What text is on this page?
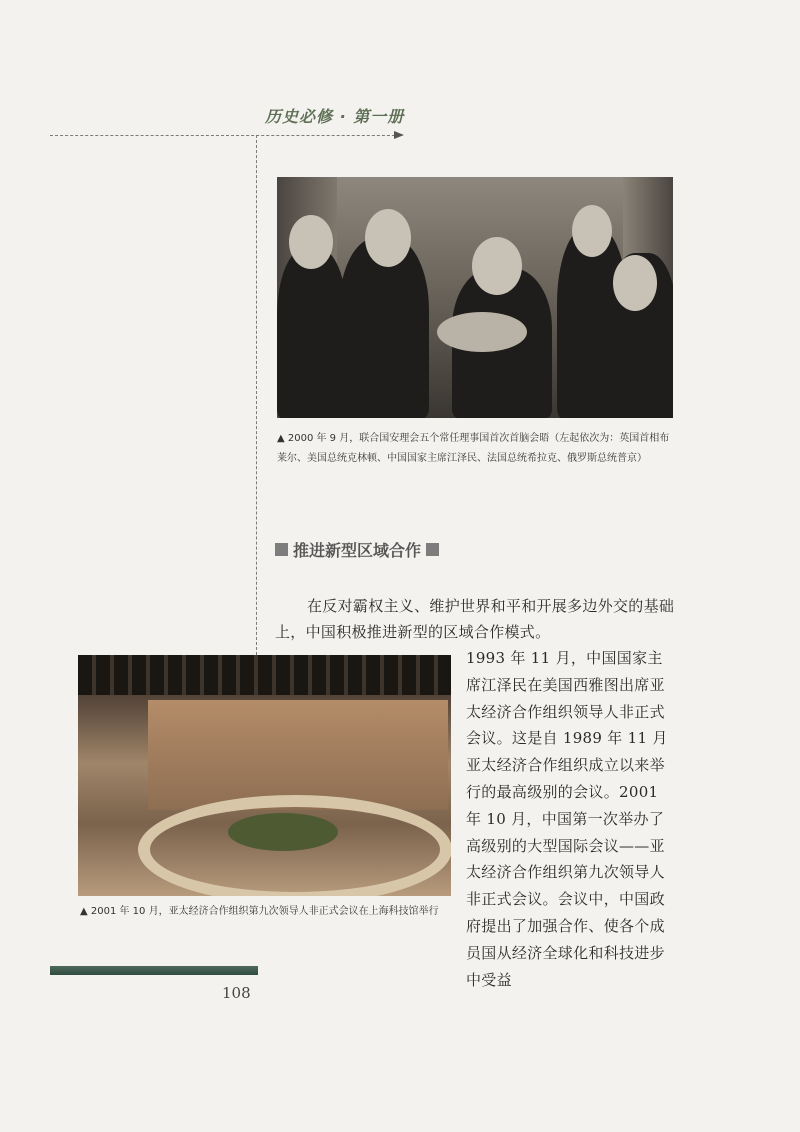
历史必修 · 第一册
▲ 2000 年 9 月，联合国安理会五个常任理事国首次首脑会晤（左起依次为：英国首相布莱尔、美国总统克林顿、中国国家主席江泽民、法国总统希拉克、俄罗斯总统普京）
推进新型区域合作
在反对霸权主义、维护世界和平和开展多边外交的基础上，中国积极推进新型的区域合作模式。
▲ 2001 年 10 月，亚太经济合作组织第九次领导人非正式会议在上海科技馆举行
1993 年 11 月，中国国家主席江泽民在美国西雅图出席亚太经济合作组织领导人非正式会议。这是自 1989 年 11 月亚太经济合作组织成立以来举行的最高级别的会议。2001 年 10 月，中国第一次举办了高级别的大型国际会议——亚太经济合作组织第九次领导人非正式会议。会议中，中国政府提出了加强合作、使各个成员国从经济全球化和科技进步中受益
108
